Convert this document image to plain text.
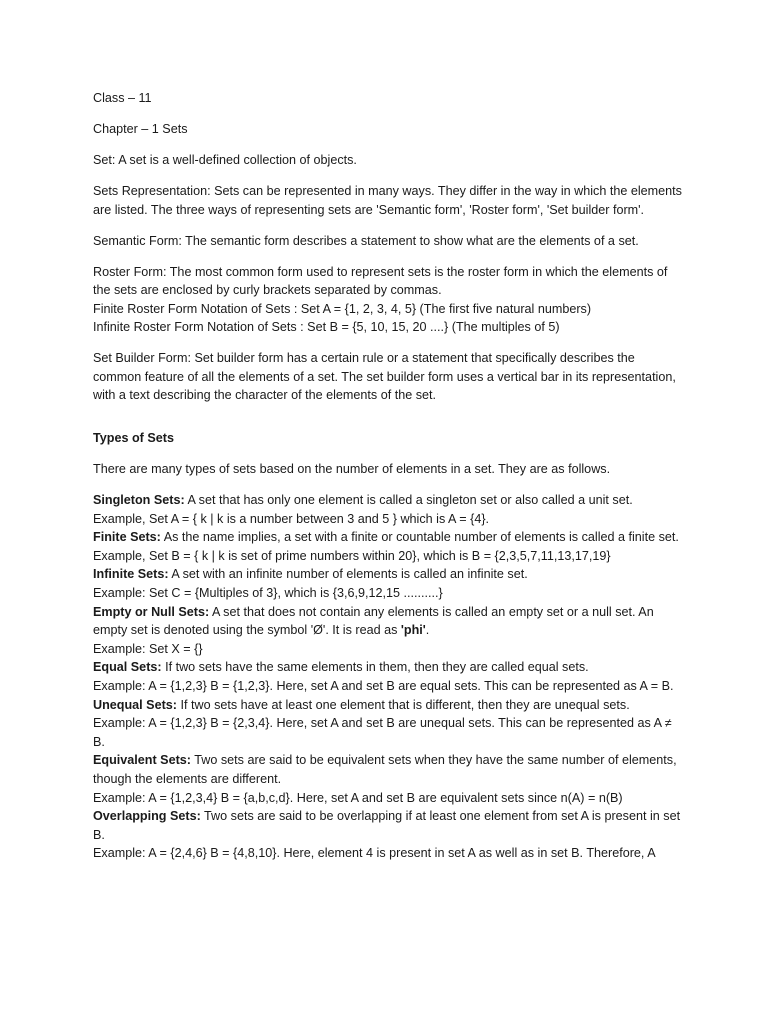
Class – 11

Chapter – 1 Sets

Set: A set is a well-defined collection of objects.

Sets Representation: Sets can be represented in many ways. They differ in the way in which the elements are listed. The three ways of representing sets are 'Semantic form', 'Roster form', 'Set builder form'.

Semantic Form: The semantic form describes a statement to show what are the elements of a set.

Roster Form: The most common form used to represent sets is the roster form in which the elements of the sets are enclosed by curly brackets separated by commas.

Finite Roster Form Notation of Sets : Set A = {1, 2, 3, 4, 5} (The first five natural numbers)

Infinite Roster Form Notation of Sets : Set B = {5, 10, 15, 20 ....} (The multiples of 5)

Set Builder Form: Set builder form has a certain rule or a statement that specifically describes the common feature of all the elements of a set. The set builder form uses a vertical bar in its representation, with a text describing the character of the elements of the set.

Types of Sets

There are many types of sets based on the number of elements in a set. They are as follows.

Singleton Sets: A set that has only one element is called a singleton set or also called a unit set.

Example, Set A = { k | k is a number between 3 and 5 } which is A = {4}.

Finite Sets: As the name implies, a set with a finite or countable number of elements is called a finite set.

Example, Set B = { k | k is set of prime numbers within 20}, which is B = {2,3,5,7,11,13,17,19}

Infinite Sets: A set with an infinite number of elements is called an infinite set.

Example: Set C = {Multiples of 3}, which is {3,6,9,12,15 ..........}

Empty or Null Sets: A set that does not contain any elements is called an empty set or a null set. An empty set is denoted using the symbol 'Ø'. It is read as 'phi'.

Example: Set X = {}

Equal Sets: If two sets have the same elements in them, then they are called equal sets.

Example: A = {1,2,3} B = {1,2,3}. Here, set A and set B are equal sets. This can be represented as A = B.

Unequal Sets: If two sets have at least one element that is different, then they are unequal sets.

Example: A = {1,2,3} B = {2,3,4}. Here, set A and set B are unequal sets. This can be represented as A ≠ B.

Equivalent Sets: Two sets are said to be equivalent sets when they have the same number of elements, though the elements are different.

Example: A = {1,2,3,4} B = {a,b,c,d}. Here, set A and set B are equivalent sets since n(A) = n(B)

Overlapping Sets: Two sets are said to be overlapping if at least one element from set A is present in set B.

Example: A = {2,4,6} B = {4,8,10}. Here, element 4 is present in set A as well as in set B. Therefore, A
